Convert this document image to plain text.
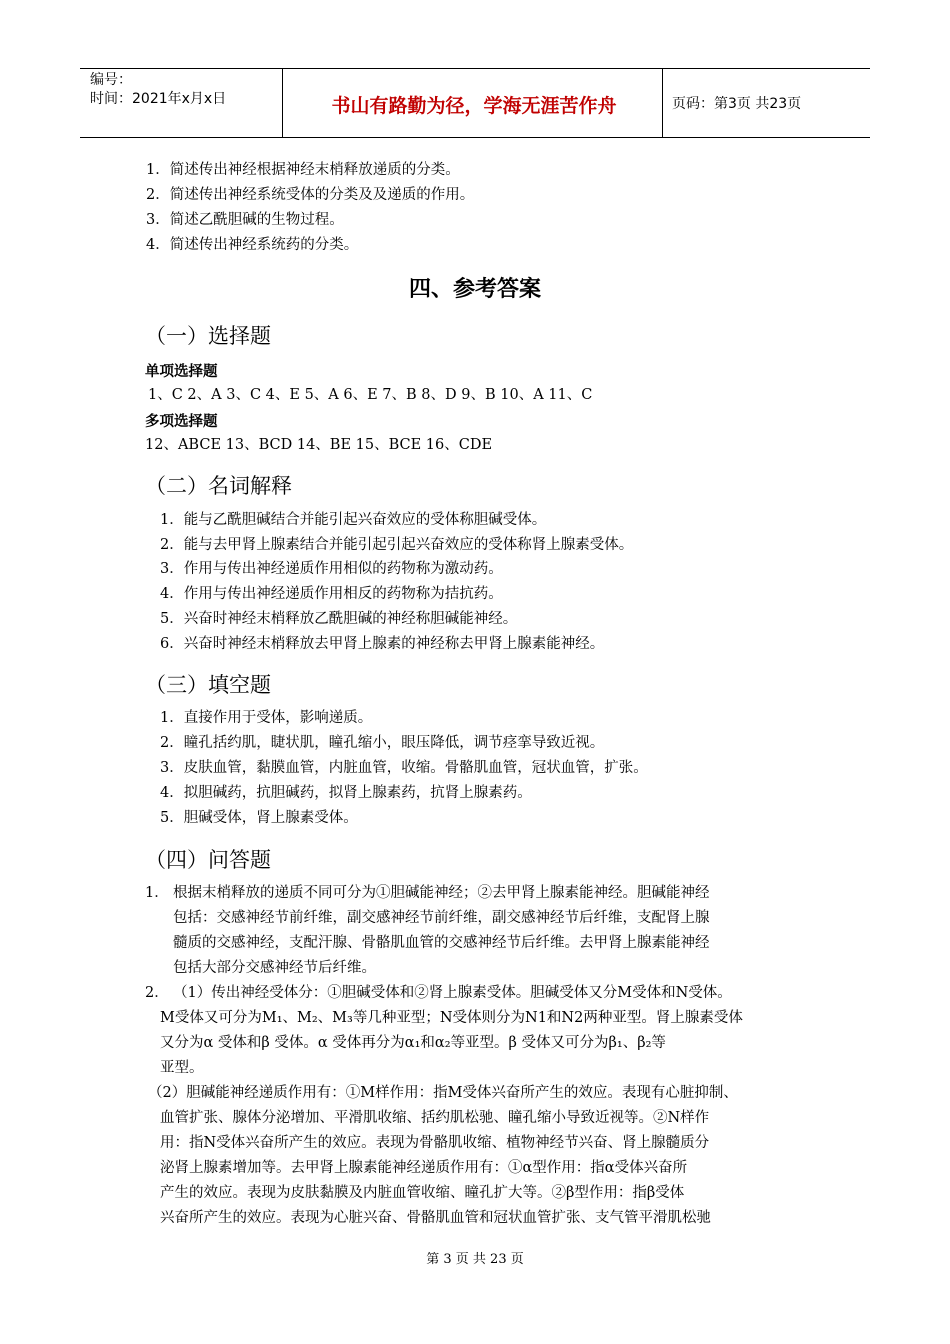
编号：
时间：2021年x月x日	书山有路勤为径，学海无涯苦作舟	页码：第3页 共23页
1．简述传出神经根据神经末梢释放递质的分类。
2．简述传出神经系统受体的分类及及递质的作用。
3．简述乙酰胆碱的生物过程。
4．简述传出神经系统药的分类。
四、参考答案
（一）选择题
单项选择题
1、C 2、A 3、C 4、E 5、A 6、E 7、B 8、D 9、B 10、A 11、C
多项选择题
12、ABCE 13、BCD 14、BE 15、BCE 16、CDE
（二）名词解释
1．能与乙酰胆碱结合并能引起兴奋效应的受体称胆碱受体。
2．能与去甲肾上腺素结合并能引起引起兴奋效应的受体称肾上腺素受体。
3．作用与传出神经递质作用相似的药物称为激动药。
4．作用与传出神经递质作用相反的药物称为拮抗药。
5．兴奋时神经末梢释放乙酰胆碱的神经称胆碱能神经。
6．兴奋时神经末梢释放去甲肾上腺素的神经称去甲肾上腺素能神经。
（三）填空题
1．直接作用于受体，影响递质。
2．瞳孔括约肌，睫状肌，瞳孔缩小，眼压降低，调节痉挛导致近视。
3．皮肤血管，黏膜血管，内脏血管，收缩。骨骼肌血管，冠状血管，扩张。
4．拟胆碱药，抗胆碱药，拟肾上腺素药，抗肾上腺素药。
5．胆碱受体，肾上腺素受体。
（四）问答题
1． 根据末梢释放的递质不同可分为①胆碱能神经；②去甲肾上腺素能神经。胆碱能神经
包括：交感神经节前纤维，副交感神经节前纤维，副交感神经节后纤维，支配肾上腺
髓质的交感神经，支配汗腺、骨骼肌血管的交感神经节后纤维。去甲肾上腺素能神经
包括大部分交感神经节后纤维。
2． （1）传出神经受体分：①胆碱受体和②肾上腺素受体。胆碱受体又分M受体和N受体。
M受体又可分为M₁、M₂、M₃等几种亚型；N受体则分为N1和N2两种亚型。肾上腺素受体
又分为α 受体和β 受体。α 受体再分为α₁和α₂等亚型。β 受体又可分为β₁、β₂等
亚型。
（2）胆碱能神经递质作用有：①M样作用：指M受体兴奋所产生的效应。表现有心脏抑制、
血管扩张、腺体分泌增加、平滑肌收缩、括约肌松驰、瞳孔缩小导致近视等。②N样作
用：指N受体兴奋所产生的效应。表现为骨骼肌收缩、植物神经节兴奋、肾上腺髓质分
泌肾上腺素增加等。去甲肾上腺素能神经递质作用有：①α型作用：指α受体兴奋所
产生的效应。表现为皮肤黏膜及内脏血管收缩、瞳孔扩大等。②β型作用：指β受体
兴奋所产生的效应。表现为心脏兴奋、骨骼肌血管和冠状血管扩张、支气管平滑肌松驰
第 3 页 共 23 页
